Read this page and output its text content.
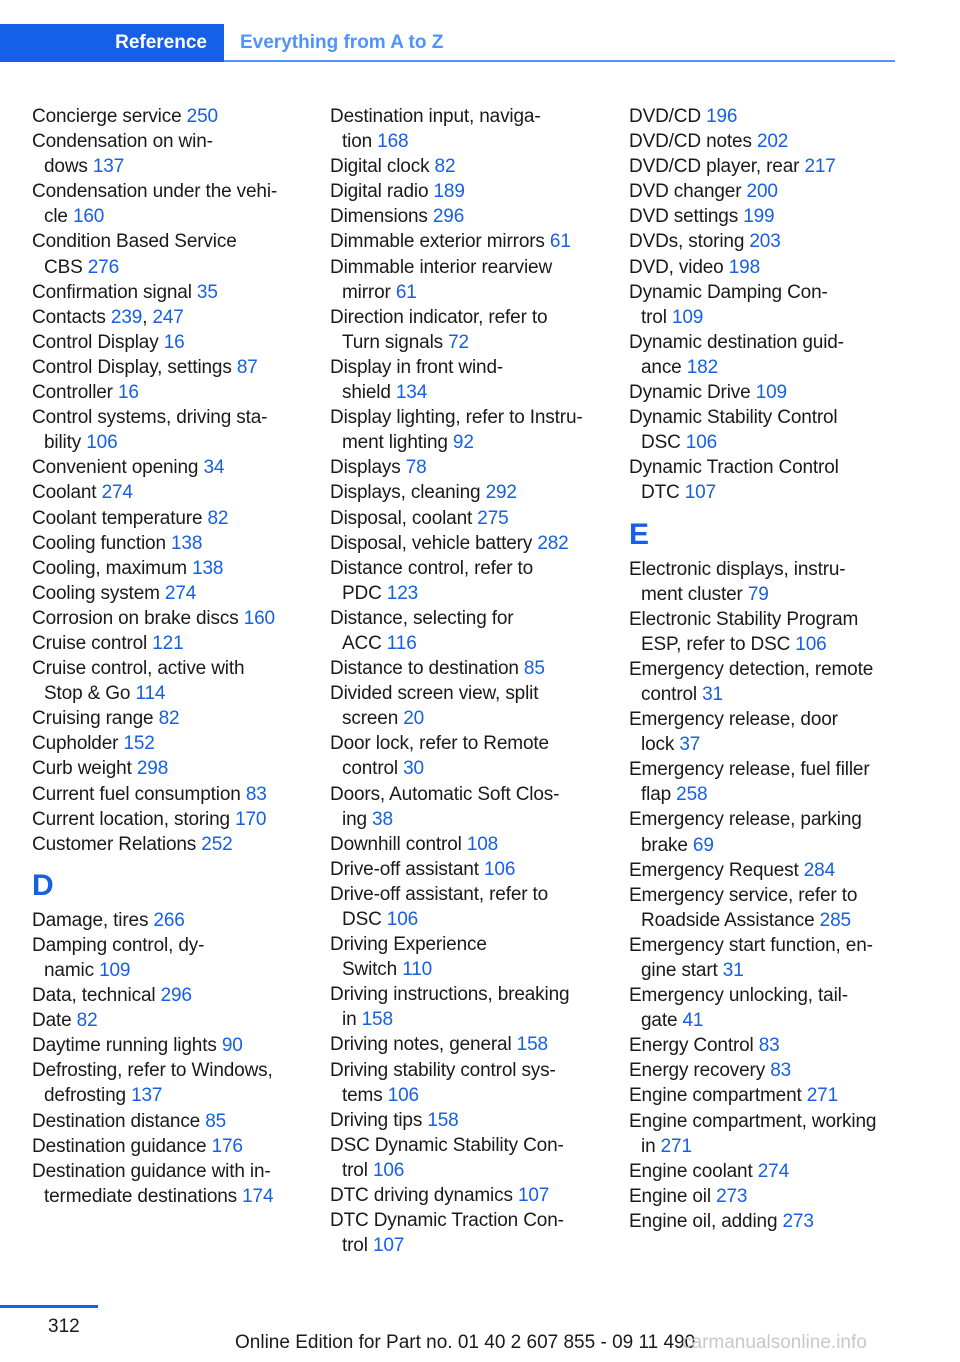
Reference Everything from A to Z
Concierge service 250
Condensation on win-
dows 137
Condensation under the vehi-
cle 160
Condition Based Service
CBS 276
Confirmation signal 35
Contacts 239, 247
Control Display 16
Control Display, settings 87
Controller 16
Control systems, driving sta-
bility 106
Convenient opening 34
Coolant 274
Coolant temperature 82
Cooling function 138
Cooling, maximum 138
Cooling system 274
Corrosion on brake discs 160
Cruise control 121
Cruise control, active with
Stop & Go 114
Cruising range 82
Cupholder 152
Curb weight 298
Current fuel consumption 83
Current location, storing 170
Customer Relations 252
D
Damage, tires 266
Damping control, dy-
namic 109
Data, technical 296
Date 82
Daytime running lights 90
Defrosting, refer to Windows,
defrosting 137
Destination distance 85
Destination guidance 176
Destination guidance with in-
termediate destinations 174
Destination input, naviga-
tion 168
Digital clock 82
Digital radio 189
Dimensions 296
Dimmable exterior mirrors 61
Dimmable interior rearview
mirror 61
Direction indicator, refer to
Turn signals 72
Display in front wind-
shield 134
Display lighting, refer to Instru-
ment lighting 92
Displays 78
Displays, cleaning 292
Disposal, coolant 275
Disposal, vehicle battery 282
Distance control, refer to
PDC 123
Distance, selecting for
ACC 116
Distance to destination 85
Divided screen view, split
screen 20
Door lock, refer to Remote
control 30
Doors, Automatic Soft Clos-
ing 38
Downhill control 108
Drive-off assistant 106
Drive-off assistant, refer to
DSC 106
Driving Experience
Switch 110
Driving instructions, breaking
in 158
Driving notes, general 158
Driving stability control sys-
tems 106
Driving tips 158
DSC Dynamic Stability Con-
trol 106
DTC driving dynamics 107
DTC Dynamic Traction Con-
trol 107
DVD/CD 196
DVD/CD notes 202
DVD/CD player, rear 217
DVD changer 200
DVD settings 199
DVDs, storing 203
DVD, video 198
Dynamic Damping Con-
trol 109
Dynamic destination guid-
ance 182
Dynamic Drive 109
Dynamic Stability Control
DSC 106
Dynamic Traction Control
DTC 107
E
Electronic displays, instru-
ment cluster 79
Electronic Stability Program
ESP, refer to DSC 106
Emergency detection, remote
control 31
Emergency release, door
lock 37
Emergency release, fuel filler
flap 258
Emergency release, parking
brake 69
Emergency Request 284
Emergency service, refer to
Roadside Assistance 285
Emergency start function, en-
gine start 31
Emergency unlocking, tail-
gate 41
Energy Control 83
Energy recovery 83
Engine compartment 271
Engine compartment, working
in 271
Engine coolant 274
Engine oil 273
Engine oil, adding 273
312
Online Edition for Part no. 01 40 2 607 855 - 09 11 490
carmanualsonline.info
